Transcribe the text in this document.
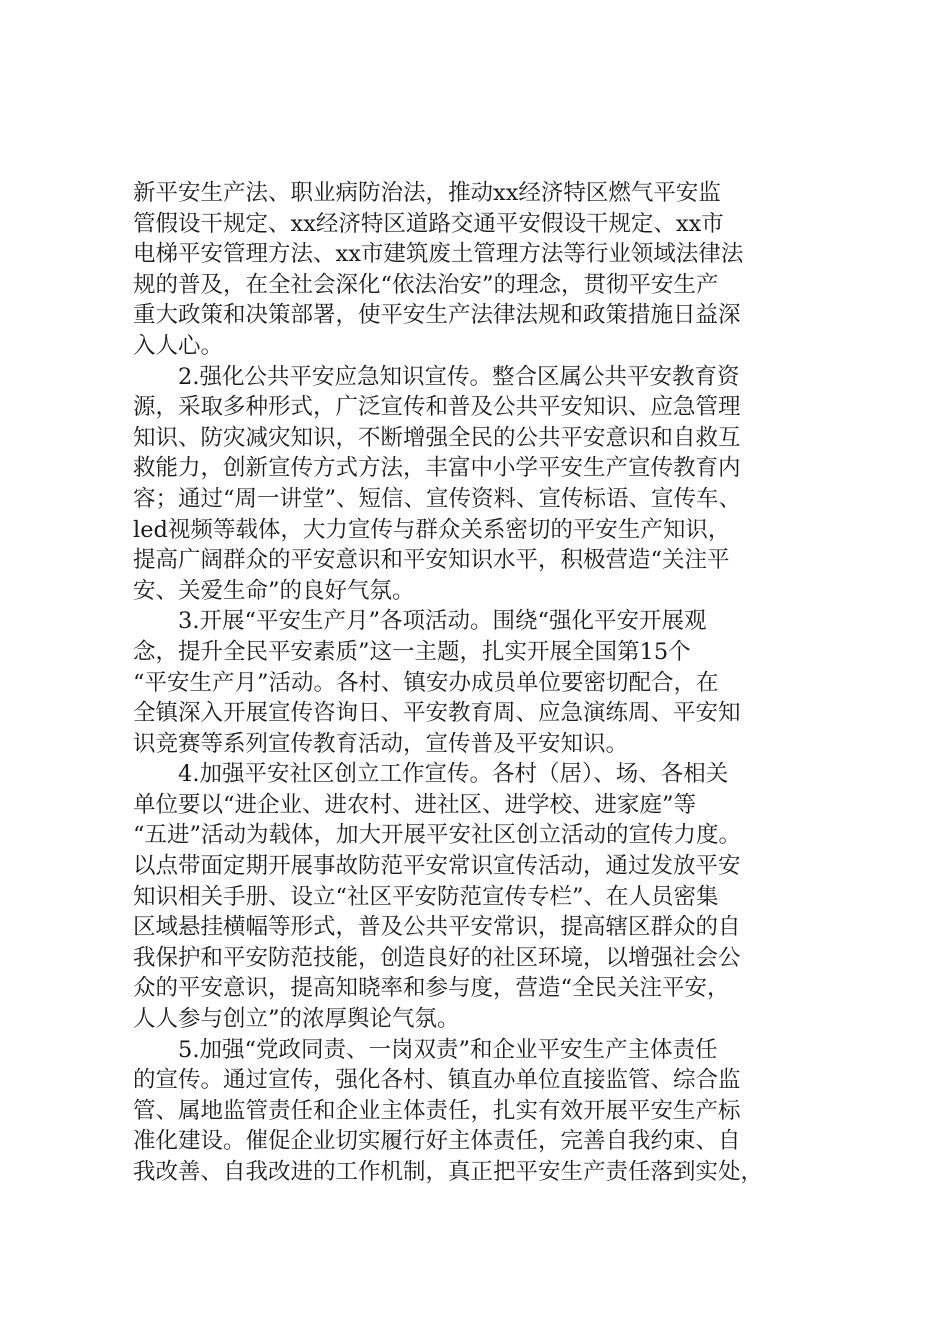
新平安生产法、职业病防治法，推动xx经济特区燃气平安监
管假设干规定、xx经济特区道路交通平安假设干规定、xx市
电梯平安管理方法、xx市建筑废土管理方法等行业领域法律法
规的普及，在全社会深化“依法治安”的理念，贯彻平安生产
重大政策和决策部署，使平安生产法律法规和政策措施日益深
入人心。
2.强化公共平安应急知识宣传。整合区属公共平安教育资
源，采取多种形式，广泛宣传和普及公共平安知识、应急管理
知识、防灾减灾知识，不断增强全民的公共平安意识和自救互
救能力，创新宣传方式方法，丰富中小学平安生产宣传教育内
容；通过“周一讲堂”、短信、宣传资料、宣传标语、宣传车、
led视频等载体，大力宣传与群众关系密切的平安生产知识，
提高广阔群众的平安意识和平安知识水平，积极营造“关注平
安、关爱生命”的良好气氛。
3.开展“平安生产月”各项活动。围绕“强化平安开展观
念，提升全民平安素质”这一主题，扎实开展全国第15个
“平安生产月”活动。各村、镇安办成员单位要密切配合，在
全镇深入开展宣传咨询日、平安教育周、应急演练周、平安知
识竞赛等系列宣传教育活动，宣传普及平安知识。
4.加强平安社区创立工作宣传。各村（居）、场、各相关
单位要以“进企业、进农村、进社区、进学校、进家庭”等
“五进”活动为载体，加大开展平安社区创立活动的宣传力度。
以点带面定期开展事故防范平安常识宣传活动，通过发放平安
知识相关手册、设立“社区平安防范宣传专栏”、在人员密集
区域悬挂横幅等形式，普及公共平安常识，提高辖区群众的自
我保护和平安防范技能，创造良好的社区环境，以增强社会公
众的平安意识，提高知晓率和参与度，营造“全民关注平安，
人人参与创立”的浓厚舆论气氛。
5.加强“党政同责、一岗双责”和企业平安生产主体责任
的宣传。通过宣传，强化各村、镇直办单位直接监管、综合监
管、属地监管责任和企业主体责任，扎实有效开展平安生产标
准化建设。催促企业切实履行好主体责任，完善自我约束、自
我改善、自我改进的工作机制，真正把平安生产责任落到实处，
